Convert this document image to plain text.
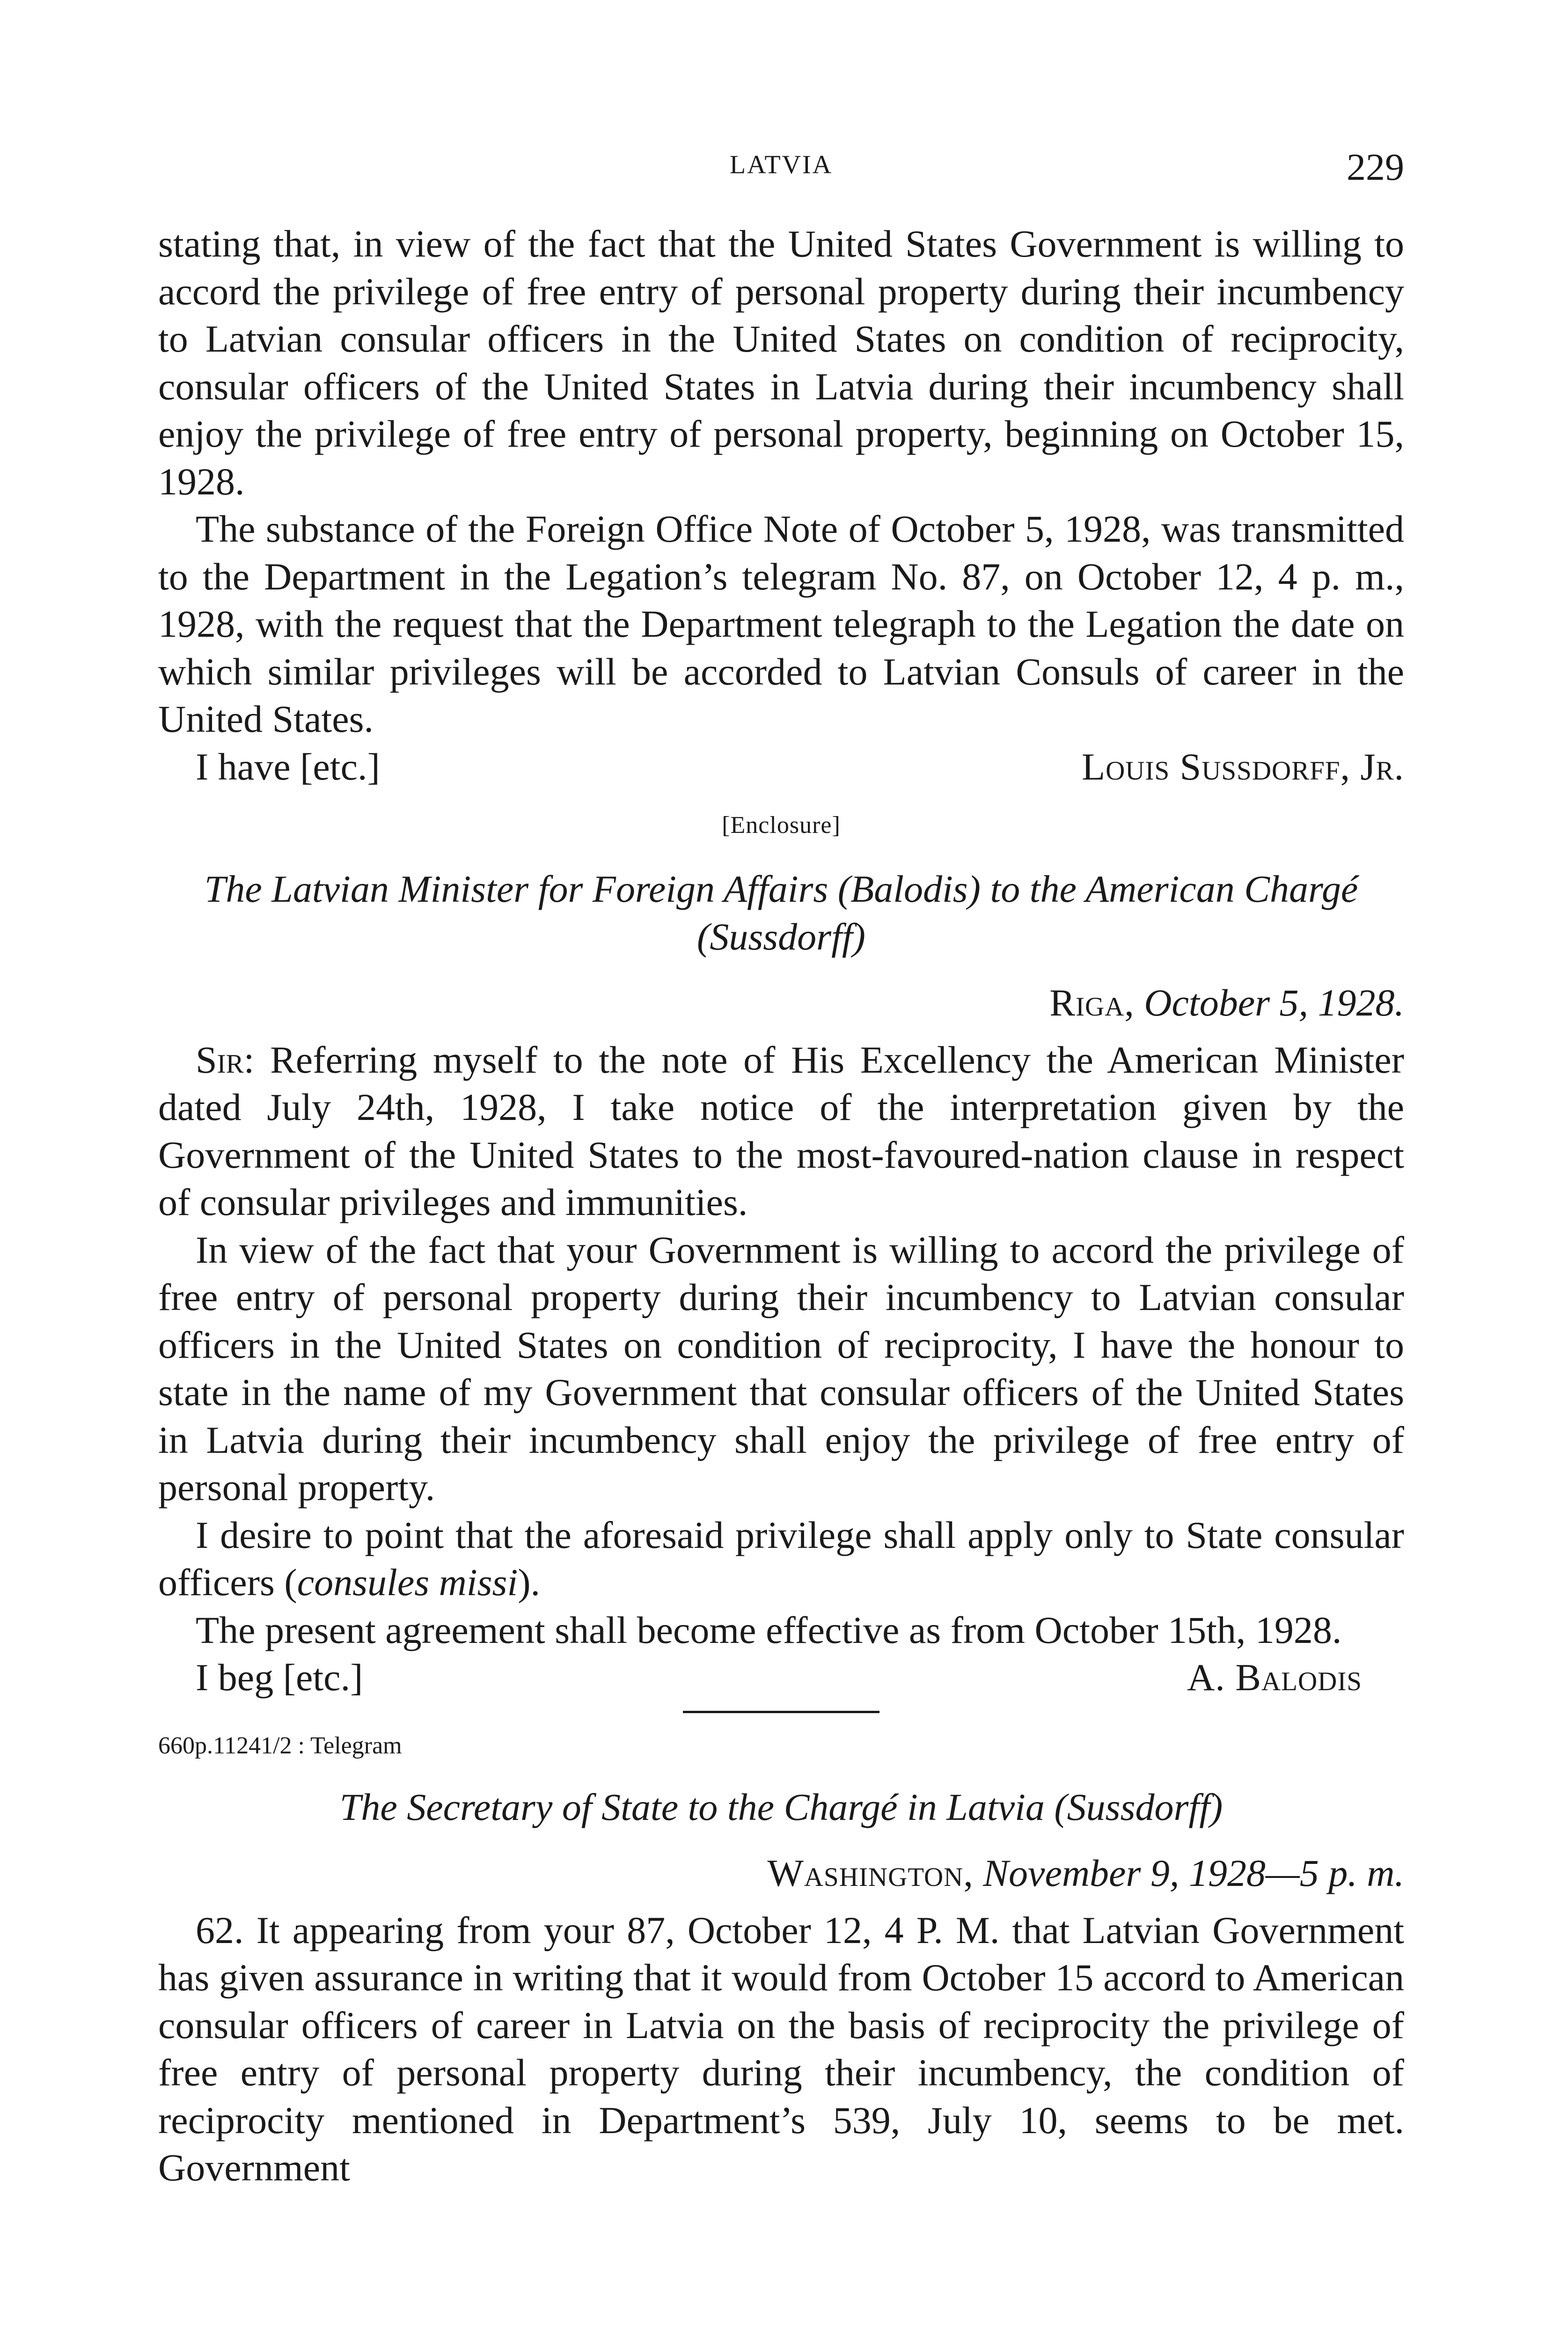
LATVIA	229

stating that, in view of the fact that the United States Government is willing to accord the privilege of free entry of personal property during their incumbency to Latvian consular officers in the United States on condition of reciprocity, consular officers of the United States in Latvia during their incumbency shall enjoy the privilege of free entry of personal property, beginning on October 15, 1928.

The substance of the Foreign Office Note of October 5, 1928, was transmitted to the Department in the Legation’s telegram No. 87, on October 12, 4 p. m., 1928, with the request that the Department telegraph to the Legation the date on which similar privileges will be accorded to Latvian Consuls of career in the United States.

I have [etc.]	Louis Sussdorff, Jr.
[Enclosure]
The Latvian Minister for Foreign Affairs (Balodis) to the American Chargé (Sussdorff)
Riga, October 5, 1928.

Sir: Referring myself to the note of His Excellency the American Minister dated July 24th, 1928, I take notice of the interpretation given by the Government of the United States to the most-favoured-nation clause in respect of consular privileges and immunities.

In view of the fact that your Government is willing to accord the privilege of free entry of personal property during their incumbency to Latvian consular officers in the United States on condition of reciprocity, I have the honour to state in the name of my Government that consular officers of the United States in Latvia during their incumbency shall enjoy the privilege of free entry of personal property.

I desire to point that the aforesaid privilege shall apply only to State consular officers (consules missi).

The present agreement shall become effective as from October 15th, 1928.

I beg [etc.]	A. Balodis
660p.11241/2 : Telegram
The Secretary of State to the Chargé in Latvia (Sussdorff)
Washington, November 9, 1928—5 p. m.

62. It appearing from your 87, October 12, 4 P. M. that Latvian Government has given assurance in writing that it would from October 15 accord to American consular officers of career in Latvia on the basis of reciprocity the privilege of free entry of personal property during their incumbency, the condition of reciprocity mentioned in Department’s 539, July 10, seems to be met. Government
